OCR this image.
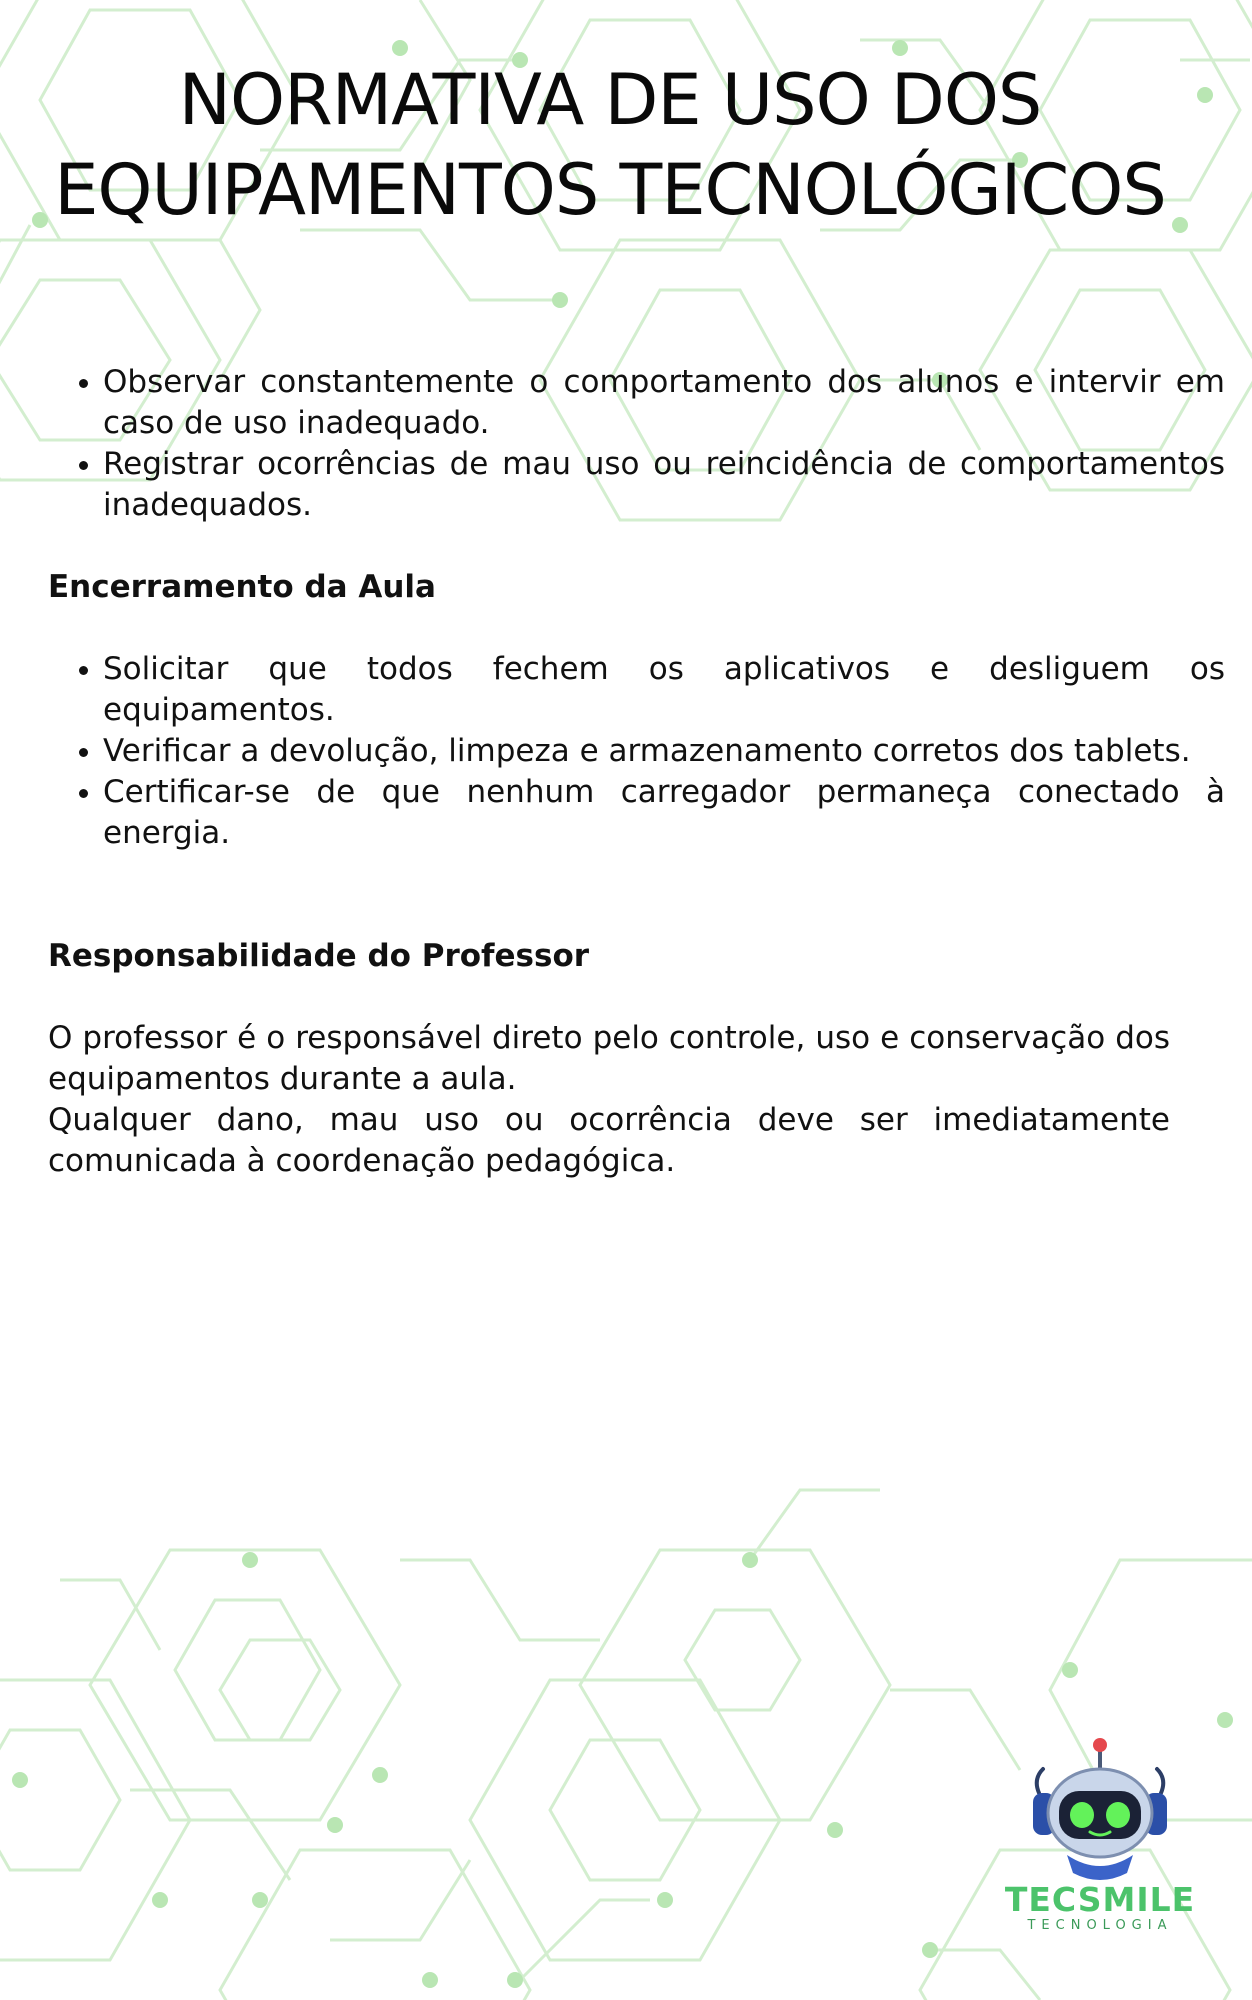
NORMATIVA DE USO DOS
EQUIPAMENTOS TECNOLÓGICOS
• Observar constantemente o comportamento dos alunos e intervir em caso de uso inadequado.
• Registrar ocorrências de mau uso ou reincidência de comportamentos inadequados.
Encerramento da Aula
• Solicitar que todos fechem os aplicativos e desliguem os equipamentos.
• Verificar a devolução, limpeza e armazenamento corretos dos tablets.
• Certificar-se de que nenhum carregador permaneça conectado à energia.
Responsabilidade do Professor

O professor é o responsável direto pelo controle, uso e conservação dos equipamentos durante a aula.

Qualquer dano, mau uso ou ocorrência deve ser imediatamente comunicada à coordenação pedagógica.

TECSMILE
TECNOLOGIA
